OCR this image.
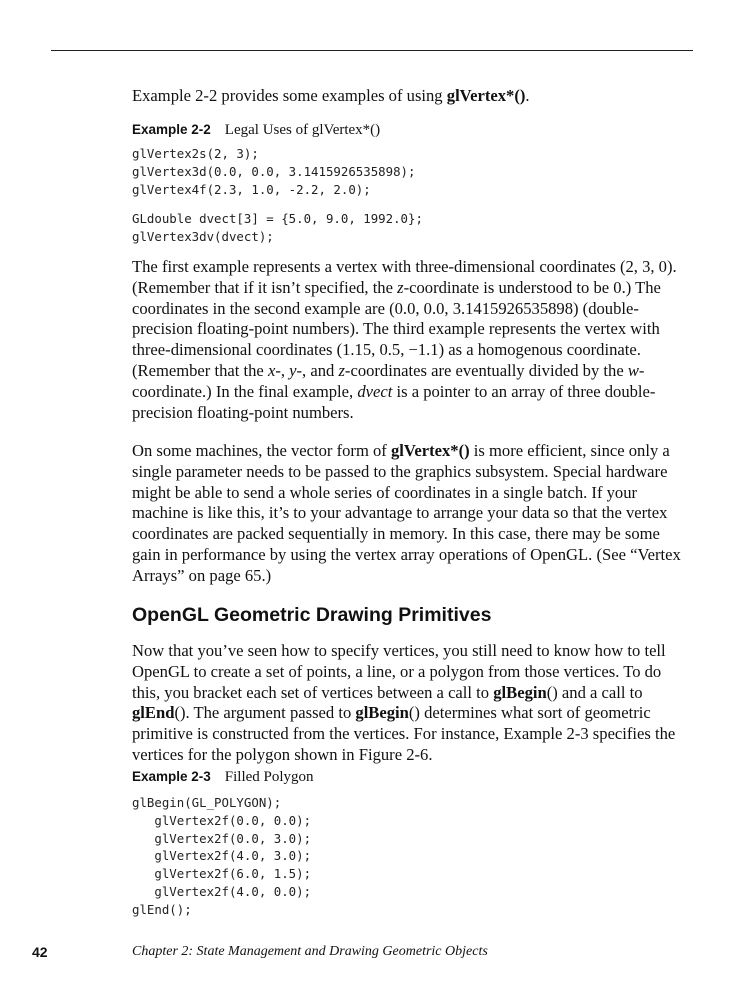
Example 2-2 provides some examples of using glVertex*().

Example 2-2 Legal Uses of glVertex*()

glVertex2s(2, 3);
glVertex3d(0.0, 0.0, 3.1415926535898);
glVertex4f(2.3, 1.0, -2.2, 2.0);
GLdouble dvect[3] = {5.0, 9.0, 1992.0};
glVertex3dv(dvect);

The first example represents a vertex with three-dimensional coordinates (2, 3, 0). (Remember that if it isn’t specified, the z-coordinate is understood to be 0.) The coordinates in the second example are (0.0, 0.0, 3.1415926535898) (double-precision floating-point numbers). The third example represents the vertex with three-dimensional coordinates (1.15, 0.5, −1.1) as a homogenous coordinate. (Remember that the x-, y-, and z-coordinates are eventually divided by the w-coordinate.) In the final example, dvect is a pointer to an array of three double-precision floating-point numbers.

On some machines, the vector form of glVertex*() is more efficient, since only a single parameter needs to be passed to the graphics subsystem. Special hardware might be able to send a whole series of coordinates in a single batch. If your machine is like this, it’s to your advantage to arrange your data so that the vertex coordinates are packed sequentially in memory. In this case, there may be some gain in performance by using the vertex array operations of OpenGL. (See “Vertex Arrays” on page 65.)

OpenGL Geometric Drawing Primitives

Now that you’ve seen how to specify vertices, you still need to know how to tell OpenGL to create a set of points, a line, or a polygon from those vertices. To do this, you bracket each set of vertices between a call to glBegin() and a call to glEnd(). The argument passed to glBegin() determines what sort of geometric primitive is constructed from the vertices. For instance, Example 2-3 specifies the vertices for the polygon shown in Figure 2-6.

Example 2-3 Filled Polygon

glBegin(GL_POLYGON);
glVertex2f(0.0, 0.0);
glVertex2f(0.0, 3.0);
glVertex2f(4.0, 3.0);
glVertex2f(6.0, 1.5);
glVertex2f(4.0, 0.0);
glEnd();
42	Chapter 2: State Management and Drawing Geometric Objects
